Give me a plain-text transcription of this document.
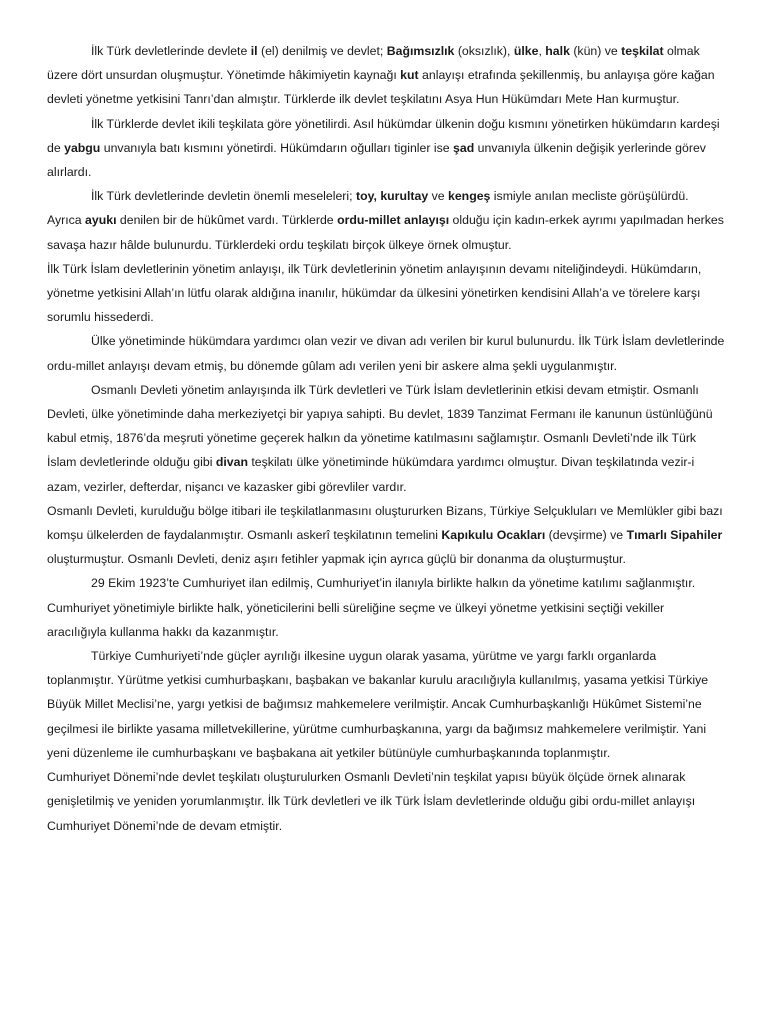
İlk Türk devletlerinde devlete il (el) denilmiş ve devlet; Bağımsızlık (oksızlık), ülke, halk (kün) ve teşkilat olmak üzere dört unsurdan oluşmuştur. Yönetimde hâkimiyetin kaynağı kut anlayışı etrafında şekillenmiş, bu anlayışa göre kağan devleti yönetme yetkisini Tanrı’dan almıştır. Türklerde ilk devlet teşkilatını Asya Hun Hükümdarı Mete Han kurmuştur.

İlk Türklerde devlet ikili teşkilata göre yönetilirdi. Asıl hükümdar ülkenin doğu kısmını yönetirken hükümdarın kardeşi de yabgu unvanıyla batı kısmını yönetirdi. Hükümdarın oğulları tiginler ise şad unvanıyla ülkenin değişik yerlerinde görev alırlardı.

İlk Türk devletlerinde devletin önemli meseleleri; toy, kurultay ve kengeş ismiyle anılan mecliste görüşülürdü. Ayrıca ayukı denilen bir de hükûmet vardı. Türklerde ordu-millet anlayışı olduğu için kadın-erkek ayrımı yapılmadan herkes savaşa hazır hâlde bulunurdu. Türklerdeki ordu teşkilatı birçok ülkeye örnek olmuştur.

İlk Türk İslam devletlerinin yönetim anlayışı, ilk Türk devletlerinin yönetim anlayışının devamı niteliğindeydi. Hükümdarın, yönetme yetkisini Allah’ın lütfu olarak aldığına inanılır, hükümdar da ülkesini yönetirken kendisini Allah’a ve törelere karşı sorumlu hissederdi.

Ülke yönetiminde hükümdara yardımcı olan vezir ve divan adı verilen bir kurul bulunurdu. İlk Türk İslam devletlerinde ordu-millet anlayışı devam etmiş, bu dönemde gûlam adı verilen yeni bir askere alma şekli uygulanmıştır.

Osmanlı Devleti yönetim anlayışında ilk Türk devletleri ve Türk İslam devletlerinin etkisi devam etmiştir. Osmanlı Devleti, ülke yönetiminde daha merkeziyetçi bir yapıya sahipti. Bu devlet, 1839 Tanzimat Fermanı ile kanunun üstünlüğünü kabul etmiş, 1876’da meşruti yönetime geçerek halkın da yönetime katılmasını sağlamıştır. Osmanlı Devleti’nde ilk Türk İslam devletlerinde olduğu gibi divan teşkilatı ülke yönetiminde hükümdara yardımcı olmuştur. Divan teşkilatında vezir-i azam, vezirler, defterdar, nişancı ve kazasker gibi görevliler vardır.

Osmanlı Devleti, kurulduğu bölge itibari ile teşkilatlanmasını oluştururken Bizans, Türkiye Selçukluları ve Memlükler gibi bazı komşu ülkelerden de faydalanmıştır. Osmanlı askerî teşkilatının temelini Kapıkulu Ocakları (devşirme) ve Tımarlı Sipahiler oluşturmuştur. Osmanlı Devleti, deniz aşırı fetihler yapmak için ayrıca güçlü bir donanma da oluşturmuştur.

29 Ekim 1923’te Cumhuriyet ilan edilmiş, Cumhuriyet’in ilanıyla birlikte halkın da yönetime katılımı sağlanmıştır. Cumhuriyet yönetimiyle birlikte halk, yöneticilerini belli süreliğine seçme ve ülkeyi yönetme yetkisini seçtiği vekiller aracılığıyla kullanma hakkı da kazanmıştır.

Türkiye Cumhuriyeti’nde güçler ayrılığı ilkesine uygun olarak yasama, yürütme ve yargı farklı organlarda toplanmıştır. Yürütme yetkisi cumhurbaşkanı, başbakan ve bakanlar kurulu aracılığıyla kullanılmış, yasama yetkisi Türkiye Büyük Millet Meclisi’ne, yargı yetkisi de bağımsız mahkemelere verilmiştir. Ancak Cumhurbaşkanlığı Hükûmet Sistemi’ne geçilmesi ile birlikte yasama milletvekillerine, yürütme cumhurbaşkanına, yargı da bağımsız mahkemelere verilmiştir. Yani yeni düzenleme ile cumhurbaşkanı ve başbakana ait yetkiler bütünüyle cumhurbaşkanında toplanmıştır.

Cumhuriyet Dönemi’nde devlet teşkilatı oluşturulurken Osmanlı Devleti’nin teşkilat yapısı büyük ölçüde örnek alınarak genişletilmiş ve yeniden yorumlanmıştır. İlk Türk devletleri ve ilk Türk İslam devletlerinde olduğu gibi ordu-millet anlayışı Cumhuriyet Dönemi’nde de devam etmiştir.
